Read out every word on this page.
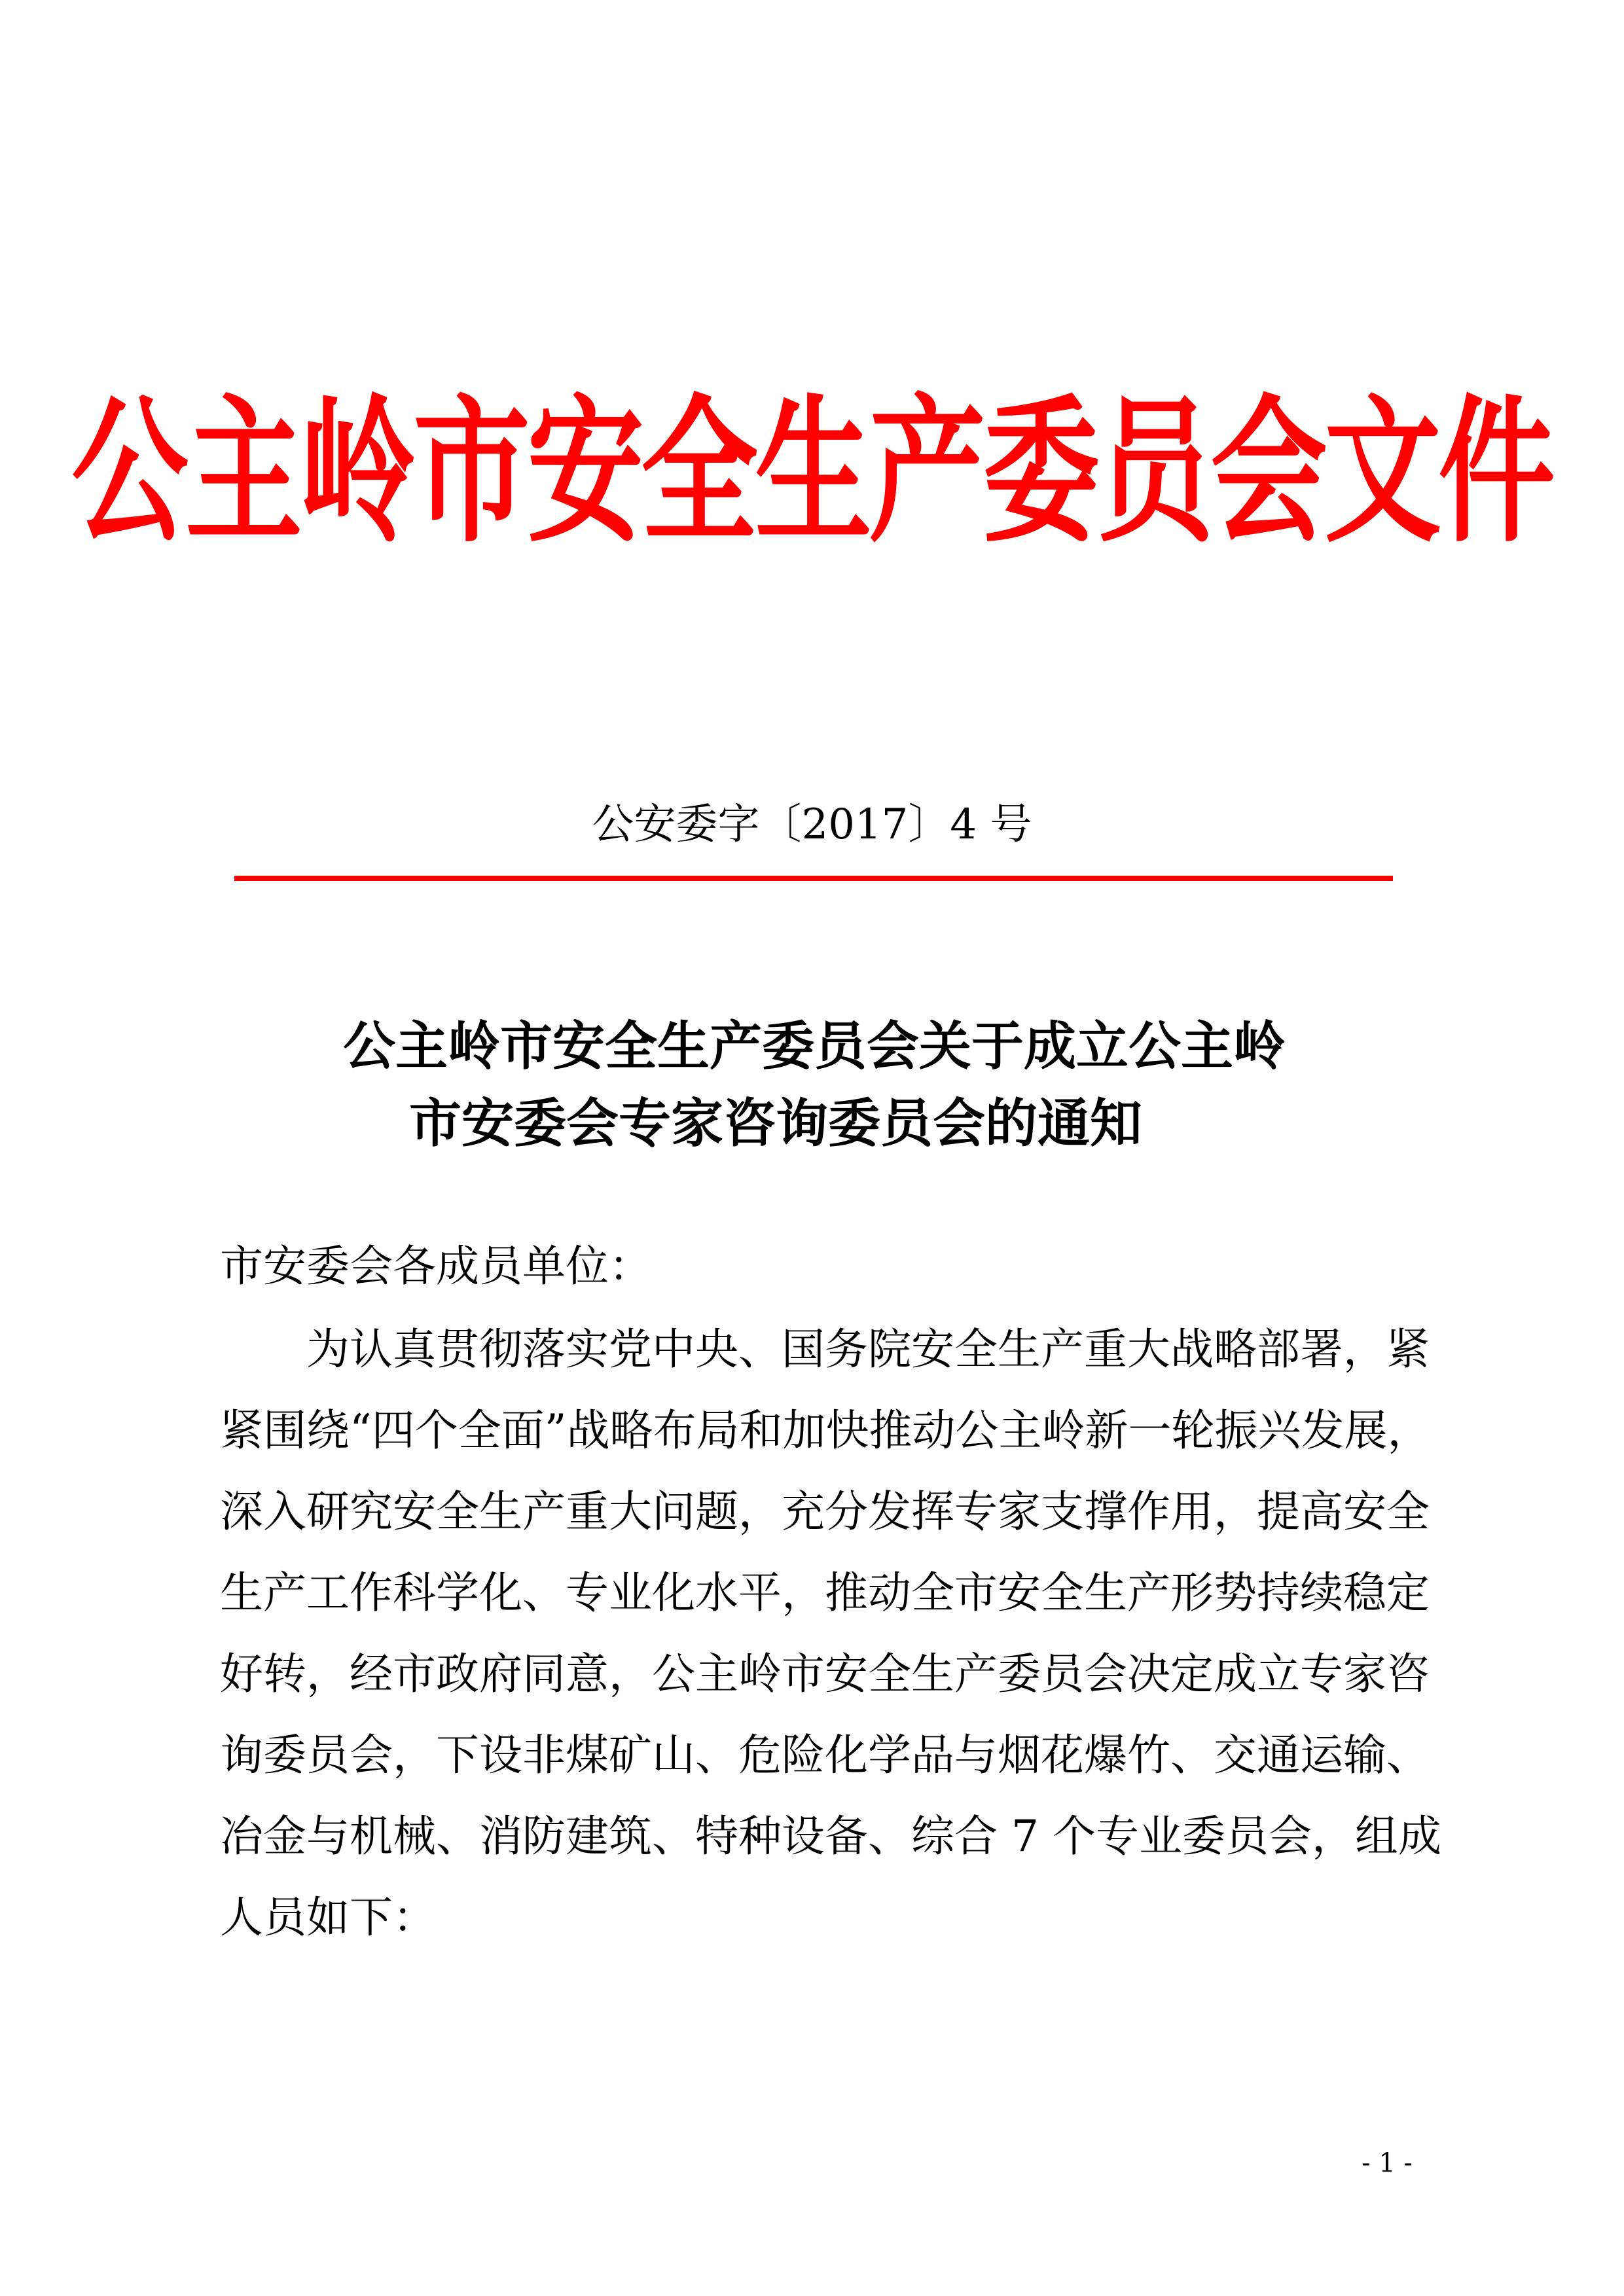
公主岭市安全生产委员会文件
公安委字〔2017〕4 号
公主岭市安全生产委员会关于成立公主岭
市安委会专家咨询委员会的通知
市安委会各成员单位：
为认真贯彻落实党中央、国务院安全生产重大战略部署，紧
紧围绕“四个全面”战略布局和加快推动公主岭新一轮振兴发展，
深入研究安全生产重大问题，充分发挥专家支撑作用，提高安全
生产工作科学化、专业化水平，推动全市安全生产形势持续稳定
好转，经市政府同意，公主岭市安全生产委员会决定成立专家咨
询委员会，下设非煤矿山、危险化学品与烟花爆竹、交通运输、
冶金与机械、消防建筑、特种设备、综合 7 个专业委员会，组成
人员如下：
- 1 -
